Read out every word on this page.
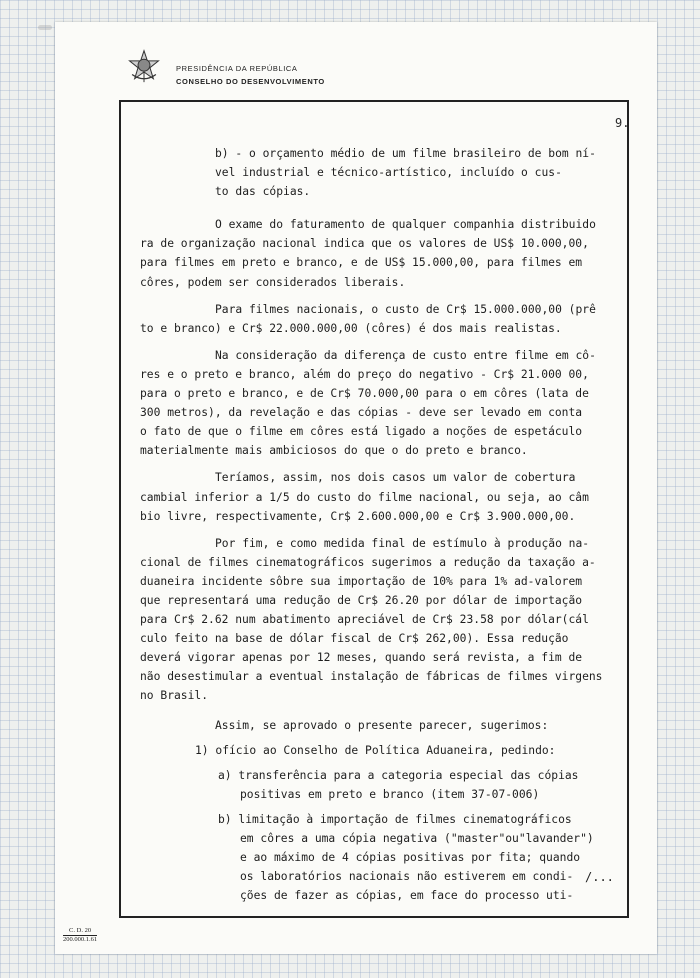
PRESIDÊNCIA DA REPÚBLICA
CONSELHO DO DESENVOLVIMENTO
9.
b) - o orçamento médio de um filme brasileiro de bom ní-
vel industrial e técnico-artístico, incluído o cus-
to das cópias.
O exame do faturamento de qualquer companhia distribuido
ra de organização nacional indica que os valores de US$ 10.000,00,
para filmes em preto e branco, e de US$ 15.000,00, para filmes em
côres, podem ser considerados liberais.
Para filmes nacionais, o custo de Cr$ 15.000.000,00 (prê
to e branco) e Cr$ 22.000.000,00 (côres) é dos mais realistas.
Na consideração da diferença de custo entre filme em cô-
res e o preto e branco, além do preço do negativo - Cr$ 21.000 00,
para o preto e branco, e de Cr$ 70.000,00 para o em côres (lata de
300 metros), da revelação e das cópias - deve ser levado em conta
o fato de que o filme em côres está ligado a noções de espetáculo
materialmente mais ambiciosos do que o do preto e branco.
Teríamos, assim, nos dois casos um valor de cobertura
cambial inferior a 1/5 do custo do filme nacional, ou seja, ao câm
bio livre, respectivamente, Cr$ 2.600.000,00 e Cr$ 3.900.000,00.
Por fim, e como medida final de estímulo à produção na-
cional de filmes cinematográficos sugerimos a redução da taxação a-
duaneira incidente sôbre sua importação de 10% para 1% ad-valorem
que representará uma redução de Cr$ 26.20 por dólar de importação
para Cr$ 2.62 num abatimento apreciável de Cr$ 23.58 por dólar(cál
culo feito na base de dólar fiscal de Cr$ 262,00). Essa redução
deverá vigorar apenas por 12 meses, quando será revista, a fim de
não desestimular a eventual instalação de fábricas de filmes virgens
no Brasil.
Assim, se aprovado o presente parecer, sugerimos:
1) ofício ao Conselho de Política Aduaneira, pedindo:
a) transferência para a categoria especial das cópias
positivas em preto e branco (item 37-07-006)
b) limitação à importação de filmes cinematográficos
em côres a uma cópia negativa ("master"ou"lavander")
e ao máximo de 4 cópias positivas por fita; quando
os laboratórios nacionais não estiverem em condi-
ções de fazer as cópias, em face do processo uti-
/...
C. D. 20
200.000.1.61
